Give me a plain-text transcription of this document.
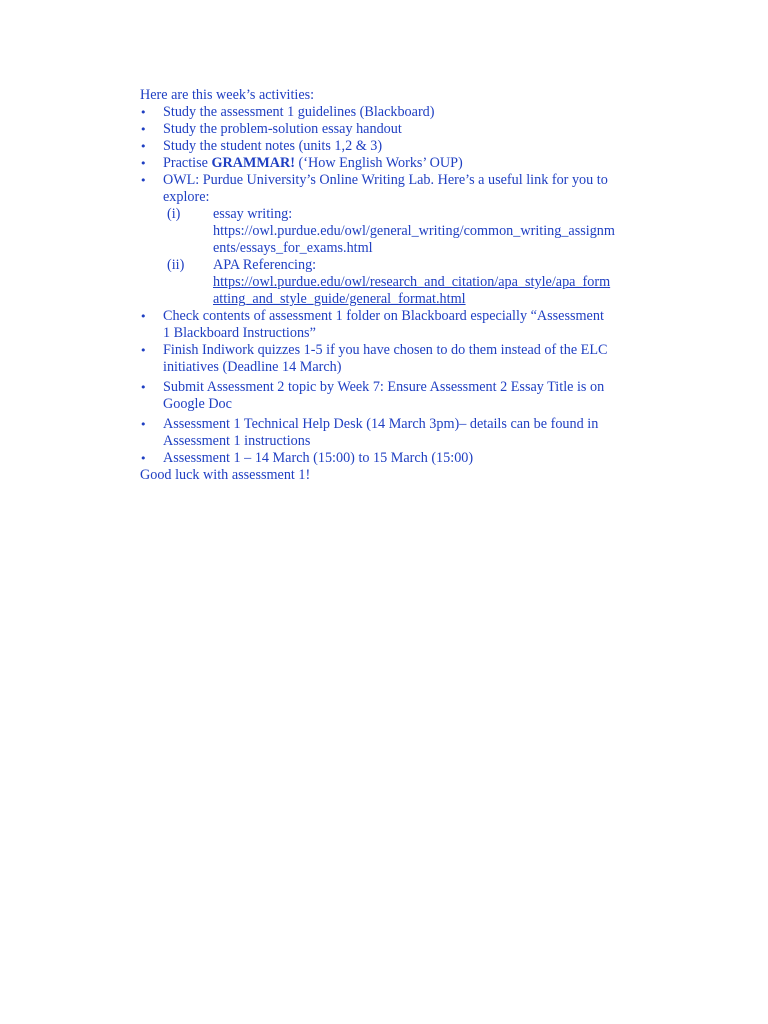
Here are this week’s activities:
• Study the assessment 1 guidelines (Blackboard)
• Study the problem-solution essay handout
• Study the student notes (units 1,2 & 3)
• Practise GRAMMAR! (‘How English Works’ OUP)
• OWL: Purdue University’s Online Writing Lab. Here’s a useful link for you to
explore:
(i) essay writing:
https://owl.purdue.edu/owl/general_writing/common_writing_assignm
ents/essays_for_exams.html
(ii) APA Referencing:
https://owl.purdue.edu/owl/research_and_citation/apa_style/apa_form
atting_and_style_guide/general_format.html
• Check contents of assessment 1 folder on Blackboard especially “Assessment
1 Blackboard Instructions”
• Finish Indiwork quizzes 1-5 if you have chosen to do them instead of the ELC
initiatives (Deadline 14 March)
• Submit Assessment 2 topic by Week 7: Ensure Assessment 2 Essay Title is on
Google Doc
• Assessment 1 Technical Help Desk (14 March 3pm)– details can be found in
Assessment 1 instructions
• Assessment 1 – 14 March (15:00) to 15 March (15:00)
Good luck with assessment 1!
